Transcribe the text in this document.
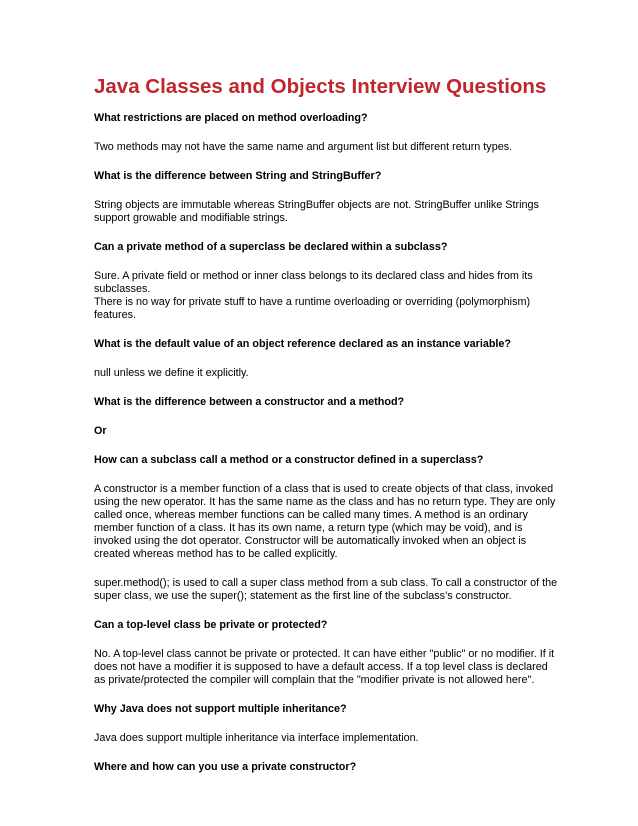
Java Classes and Objects Interview Questions

What restrictions are placed on method overloading?

Two methods may not have the same name and argument list but different return types.

What is the difference between String and StringBuffer?

String objects are immutable whereas StringBuffer objects are not. StringBuffer unlike Strings
support growable and modifiable strings.

Can a private method of a superclass be declared within a subclass?

Sure. A private field or method or inner class belongs to its declared class and hides from its
subclasses.
There is no way for private stuff to have a runtime overloading or overriding (polymorphism)
features.

What is the default value of an object reference declared as an instance variable?

null unless we define it explicitly.

What is the difference between a constructor and a method?

Or

How can a subclass call a method or a constructor defined in a superclass?

A constructor is a member function of a class that is used to create objects of that class, invoked
using the new operator. It has the same name as the class and has no return type. They are only
called once, whereas member functions can be called many times. A method is an ordinary
member function of a class. It has its own name, a return type (which may be void), and is
invoked using the dot operator. Constructor will be automatically invoked when an object is
created whereas method has to be called explicitly.

super.method(); is used to call a super class method from a sub class. To call a constructor of the
super class, we use the super(); statement as the first line of the subclass’s constructor.

Can a top-level class be private or protected?

No. A top-level class cannot be private or protected. It can have either "public" or no modifier. If it
does not have a modifier it is supposed to have a default access. If a top level class is declared
as private/protected the compiler will complain that the "modifier private is not allowed here".

Why Java does not support multiple inheritance?

Java does support multiple inheritance via interface implementation.

Where and how can you use a private constructor?
